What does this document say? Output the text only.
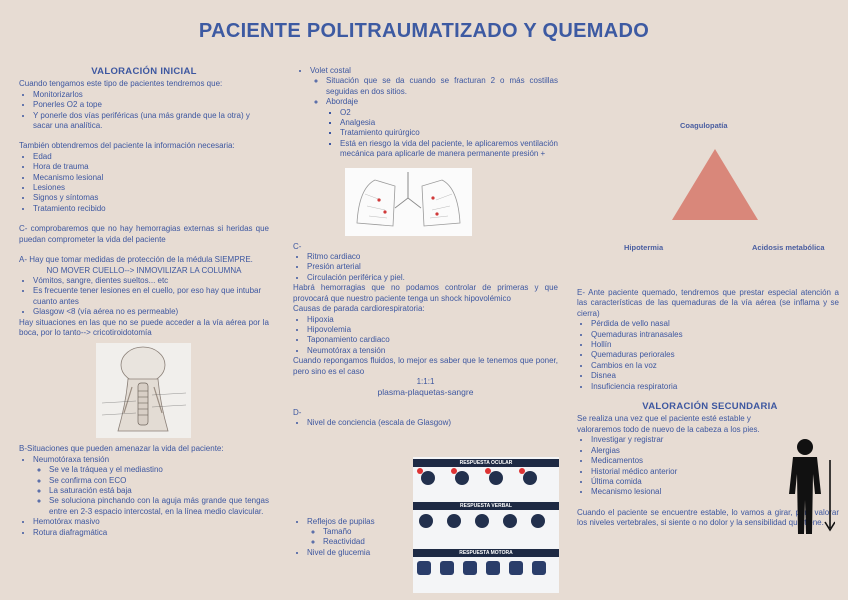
PACIENTE POLITRAUMATIZADO Y QUEMADO
VALORACIÓN INICIAL

Cuando tengamos este tipo de pacientes tendremos que:

• Monitorizarlos
• Ponerles O2 a tope
• Y ponerle dos vías periféricas (una más grande que la otra) y sacar una analítica.

También obtendremos del paciente la información necesaria:

• Edad
• Hora de trauma
• Mecanismo lesional
• Lesiones
• Signos y síntomas
• Tratamiento recibido

C- comprobaremos que no hay hemorragias externas si heridas que puedan comprometer la vida del paciente

A- Hay que tomar medidas de protección de la médula SIEMPRE.

NO MOVER CUELLO--> INMOVILIZAR LA COLUMNA
• Vómitos, sangre, dientes sueltos... etc
• Es frecuente tener lesiones en el cuello, por eso hay que intubar cuanto antes
• Glasgow <8 (vía aérea no es permeable)

Hay situaciones en las que no se puede acceder a la vía aérea por la boca, por lo tanto--> cricotiroidotomía

B-Situaciones que pueden amenazar la vida del paciente:

• Neumotóraxa tensión
◦ Se ve la tráquea y el mediastino
◦ Se confirma con ECO
◦ La saturación está baja
◦ Se soluciona pinchando con la aguja más grande que tengas entre en 2-3 espacio intercostal, en la línea medio clavicular.
• Hemotórax masivo
• Rotura diafragmática
• Volet costal
◦ Situación que se da cuando se fracturan 2 o más costillas seguidas en dos sitios.
◦ Abordaje
▪ O2
▪ Analgesia
▪ Tratamiento quirúrgico
▪ Está en riesgo la vida del paciente, le aplicaremos ventilación mecánica para aplicarle de manera permanente presión +
C-
• Ritmo cardiaco
• Presión arterial
• Circulación periférica y piel.

Habrá hemorragias que no podamos controlar de primeras y que provocará que nuestro paciente tenga un shock hipovolémico

Causas de parada cardiorespiratoria:

• Hipoxia
• Hipovolemia
• Taponamiento cardiaco
• Neumotórax a tensión

Cuando repongamos fluidos, lo mejor es saber que le tenemos que poner, pero sino es el caso

1:1:1
plasma-plaquetas-sangre
D-
• Nivel de conciencia (escala de Glasgow)
• Reflejos de pupilas
◦ Tamaño
◦ Reactividad
• Nivel de glucemia
RESPUESTA OCULAR
RESPUESTA VERBAL
RESPUESTA MOTORA
Coagulopatía
Hipotermia	Acidosis metabólica

E- Ante paciente quemado, tendremos que prestar especial atención a las características de las quemaduras de la vía aérea (se inflama y se cierra)

• Pérdida de vello nasal
• Quemaduras intranasales
• Hollín
• Quemaduras periorales
• Cambios en la voz
• Disnea
• Insuficiencia respiratoria
VALORACIÓN SECUNDARIA

Se realiza una vez que el paciente esté estable y valoraremos todo de nuevo de la cabeza a los pies.

• Investigar y registrar
• Alergias
• Medicamentos
• Historial médico anterior
• Última comida
• Mecanismo lesional

Cuando el paciente se encuentre estable, lo vamos a girar, para valorar los niveles vertebrales, si siente o no dolor y la sensibilidad que tiene.
